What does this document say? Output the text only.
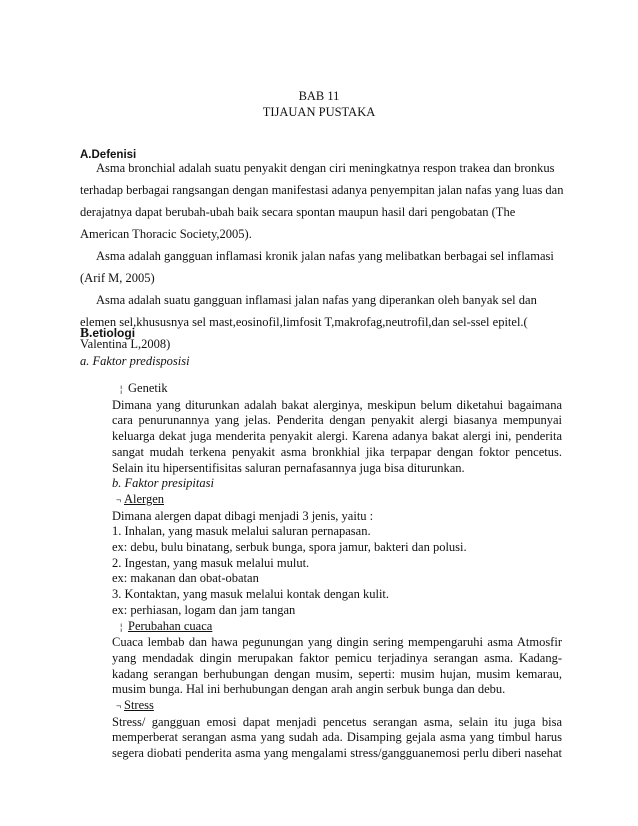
BAB 11
TIJAUAN PUSTAKA
A.Defenisi
Asma bronchial adalah suatu penyakit dengan ciri meningkatnya respon trakea dan bronkus
terhadap berbagai rangsangan dengan manifestasi adanya penyempitan jalan nafas yang luas dan
derajatnya dapat berubah-ubah baik secara spontan maupun hasil dari pengobatan (The
American Thoracic Society,2005).
Asma adalah gangguan inflamasi kronik jalan nafas yang melibatkan berbagai sel inflamasi
(Arif M, 2005)
Asma adalah suatu gangguan inflamasi jalan nafas yang diperankan oleh banyak sel dan
elemen sel,khususnya sel mast,eosinofil,limfosit T,makrofag,neutrofil,dan sel-ssel epitel.(
Valentina L,2008)
B.etiologi
a. Faktor predisposisi
¦ Genetik
Dimana yang diturunkan adalah bakat alerginya, meskipun belum diketahui bagaimana
cara penurunannya yang jelas. Penderita dengan penyakit alergi biasanya mempunyai
keluarga dekat juga menderita penyakit alergi. Karena adanya bakat alergi ini, penderita
sangat mudah terkena penyakit asma bronkhial jika terpapar dengan foktor pencetus.
Selain itu hipersentifisitas saluran pernafasannya juga bisa diturunkan.
b. Faktor presipitasi
¬ Alergen
Dimana alergen dapat dibagi menjadi 3 jenis, yaitu :
1. Inhalan, yang masuk melalui saluran pernapasan.
ex: debu, bulu binatang, serbuk bunga, spora jamur, bakteri dan polusi.
2. Ingestan, yang masuk melalui mulut.
ex: makanan dan obat-obatan
3. Kontaktan, yang masuk melalui kontak dengan kulit.
ex: perhiasan, logam dan jam tangan
¦ Perubahan cuaca
Cuaca lembab dan hawa pegunungan yang dingin sering mempengaruhi asma Atmosfir
yang mendadak dingin merupakan faktor pemicu terjadinya serangan asma. Kadang-
kadang serangan berhubungan dengan musim, seperti: musim hujan, musim kemarau,
musim bunga. Hal ini berhubungan dengan arah angin serbuk bunga dan debu.
¬ Stress
Stress/ gangguan emosi dapat menjadi pencetus serangan asma, selain itu juga bisa
memperberat serangan asma yang sudah ada. Disamping gejala asma yang timbul harus
segera diobati penderita asma yang mengalami stress/gangguanemosi perlu diberi nasehat
